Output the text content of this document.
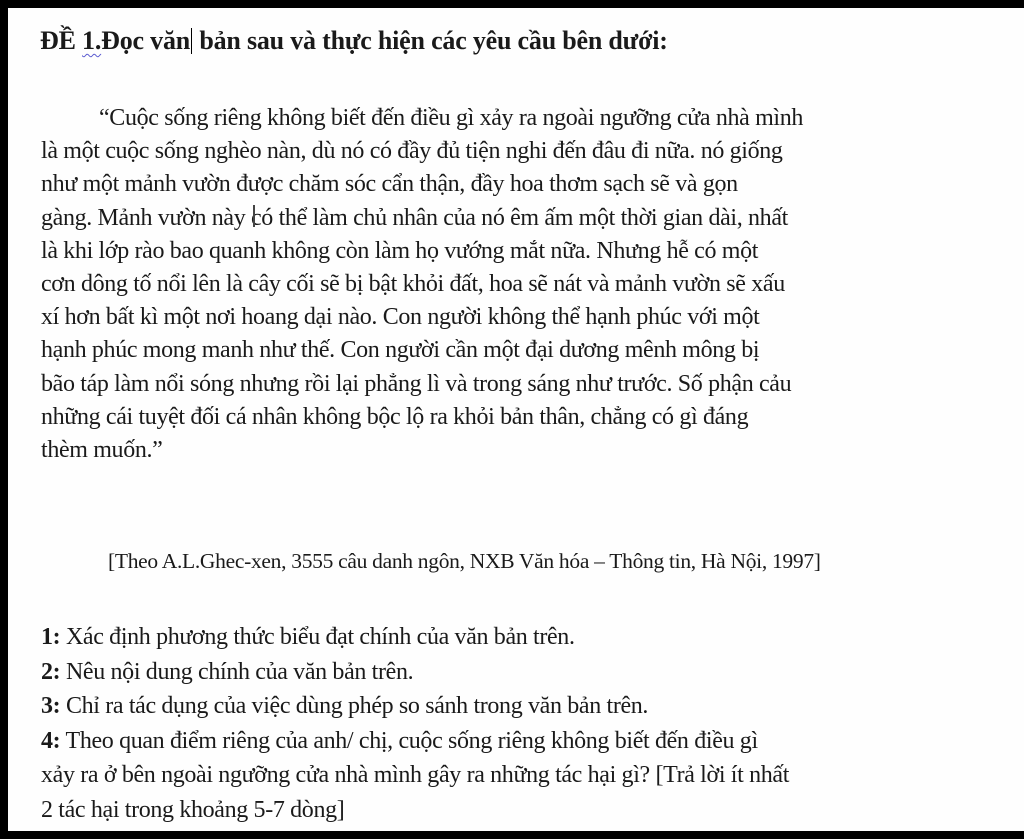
ĐỀ 1.Đọc văn bản sau và thực hiện các yêu cầu bên dưới:
“Cuộc sống riêng không biết đến điều gì xảy ra ngoài ngưỡng cửa nhà mình
là một cuộc sống nghèo nàn, dù nó có đầy đủ tiện nghi đến đâu đi nữa. nó giống
như một mảnh vườn được chăm sóc cẩn thận, đầy hoa thơm sạch sẽ và gọn
gàng. Mảnh vườn này có thể làm chủ nhân của nó êm ấm một thời gian dài, nhất
là khi lớp rào bao quanh không còn làm họ vướng mắt nữa. Nhưng hễ có một
cơn dông tố nổi lên là cây cối sẽ bị bật khỏi đất, hoa sẽ nát và mảnh vườn sẽ xấu
xí hơn bất kì một nơi hoang dại nào. Con người không thể hạnh phúc với một
hạnh phúc mong manh như thế. Con người cần một đại dương mênh mông bị
bão táp làm nổi sóng nhưng rồi lại phẳng lì và trong sáng như trước. Số phận cảu
những cái tuyệt đối cá nhân không bộc lộ ra khỏi bản thân, chẳng có gì đáng
thèm muốn.”
[Theo A.L.Ghec-xen, 3555 câu danh ngôn, NXB Văn hóa – Thông tin, Hà Nội, 1997]
1: Xác định phương thức biểu đạt chính của văn bản trên.
2: Nêu nội dung chính của văn bản trên.
3: Chỉ ra tác dụng của việc dùng phép so sánh trong văn bản trên.
4: Theo quan điểm riêng của anh/ chị, cuộc sống riêng không biết đến điều gì
xảy ra ở bên ngoài ngưỡng cửa nhà mình gây ra những tác hại gì? [Trả lời ít nhất
2 tác hại trong khoảng 5-7 dòng]
